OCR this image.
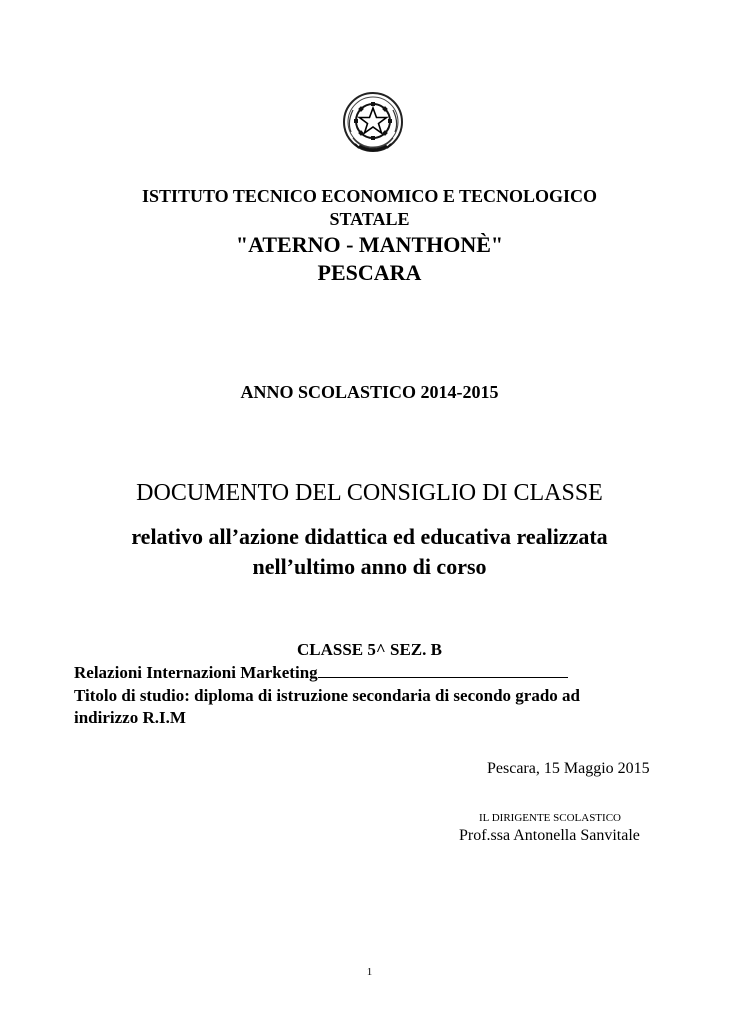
ISTITUTO TECNICO ECONOMICO E TECNOLOGICO
STATALE
"ATERNO - MANTHONÈ"
PESCARA
ANNO SCOLASTICO 2014-2015
DOCUMENTO DEL CONSIGLIO DI CLASSE
relativo all’azione didattica ed educativa realizzata
nell’ultimo anno di corso
CLASSE 5^ SEZ. B
Relazioni Internazioni Marketing
Titolo di studio: diploma di istruzione secondaria di secondo grado ad
indirizzo R.I.M
Pescara, 15 Maggio 2015
IL DIRIGENTE SCOLASTICO
Prof.ssa Antonella Sanvitale
1
